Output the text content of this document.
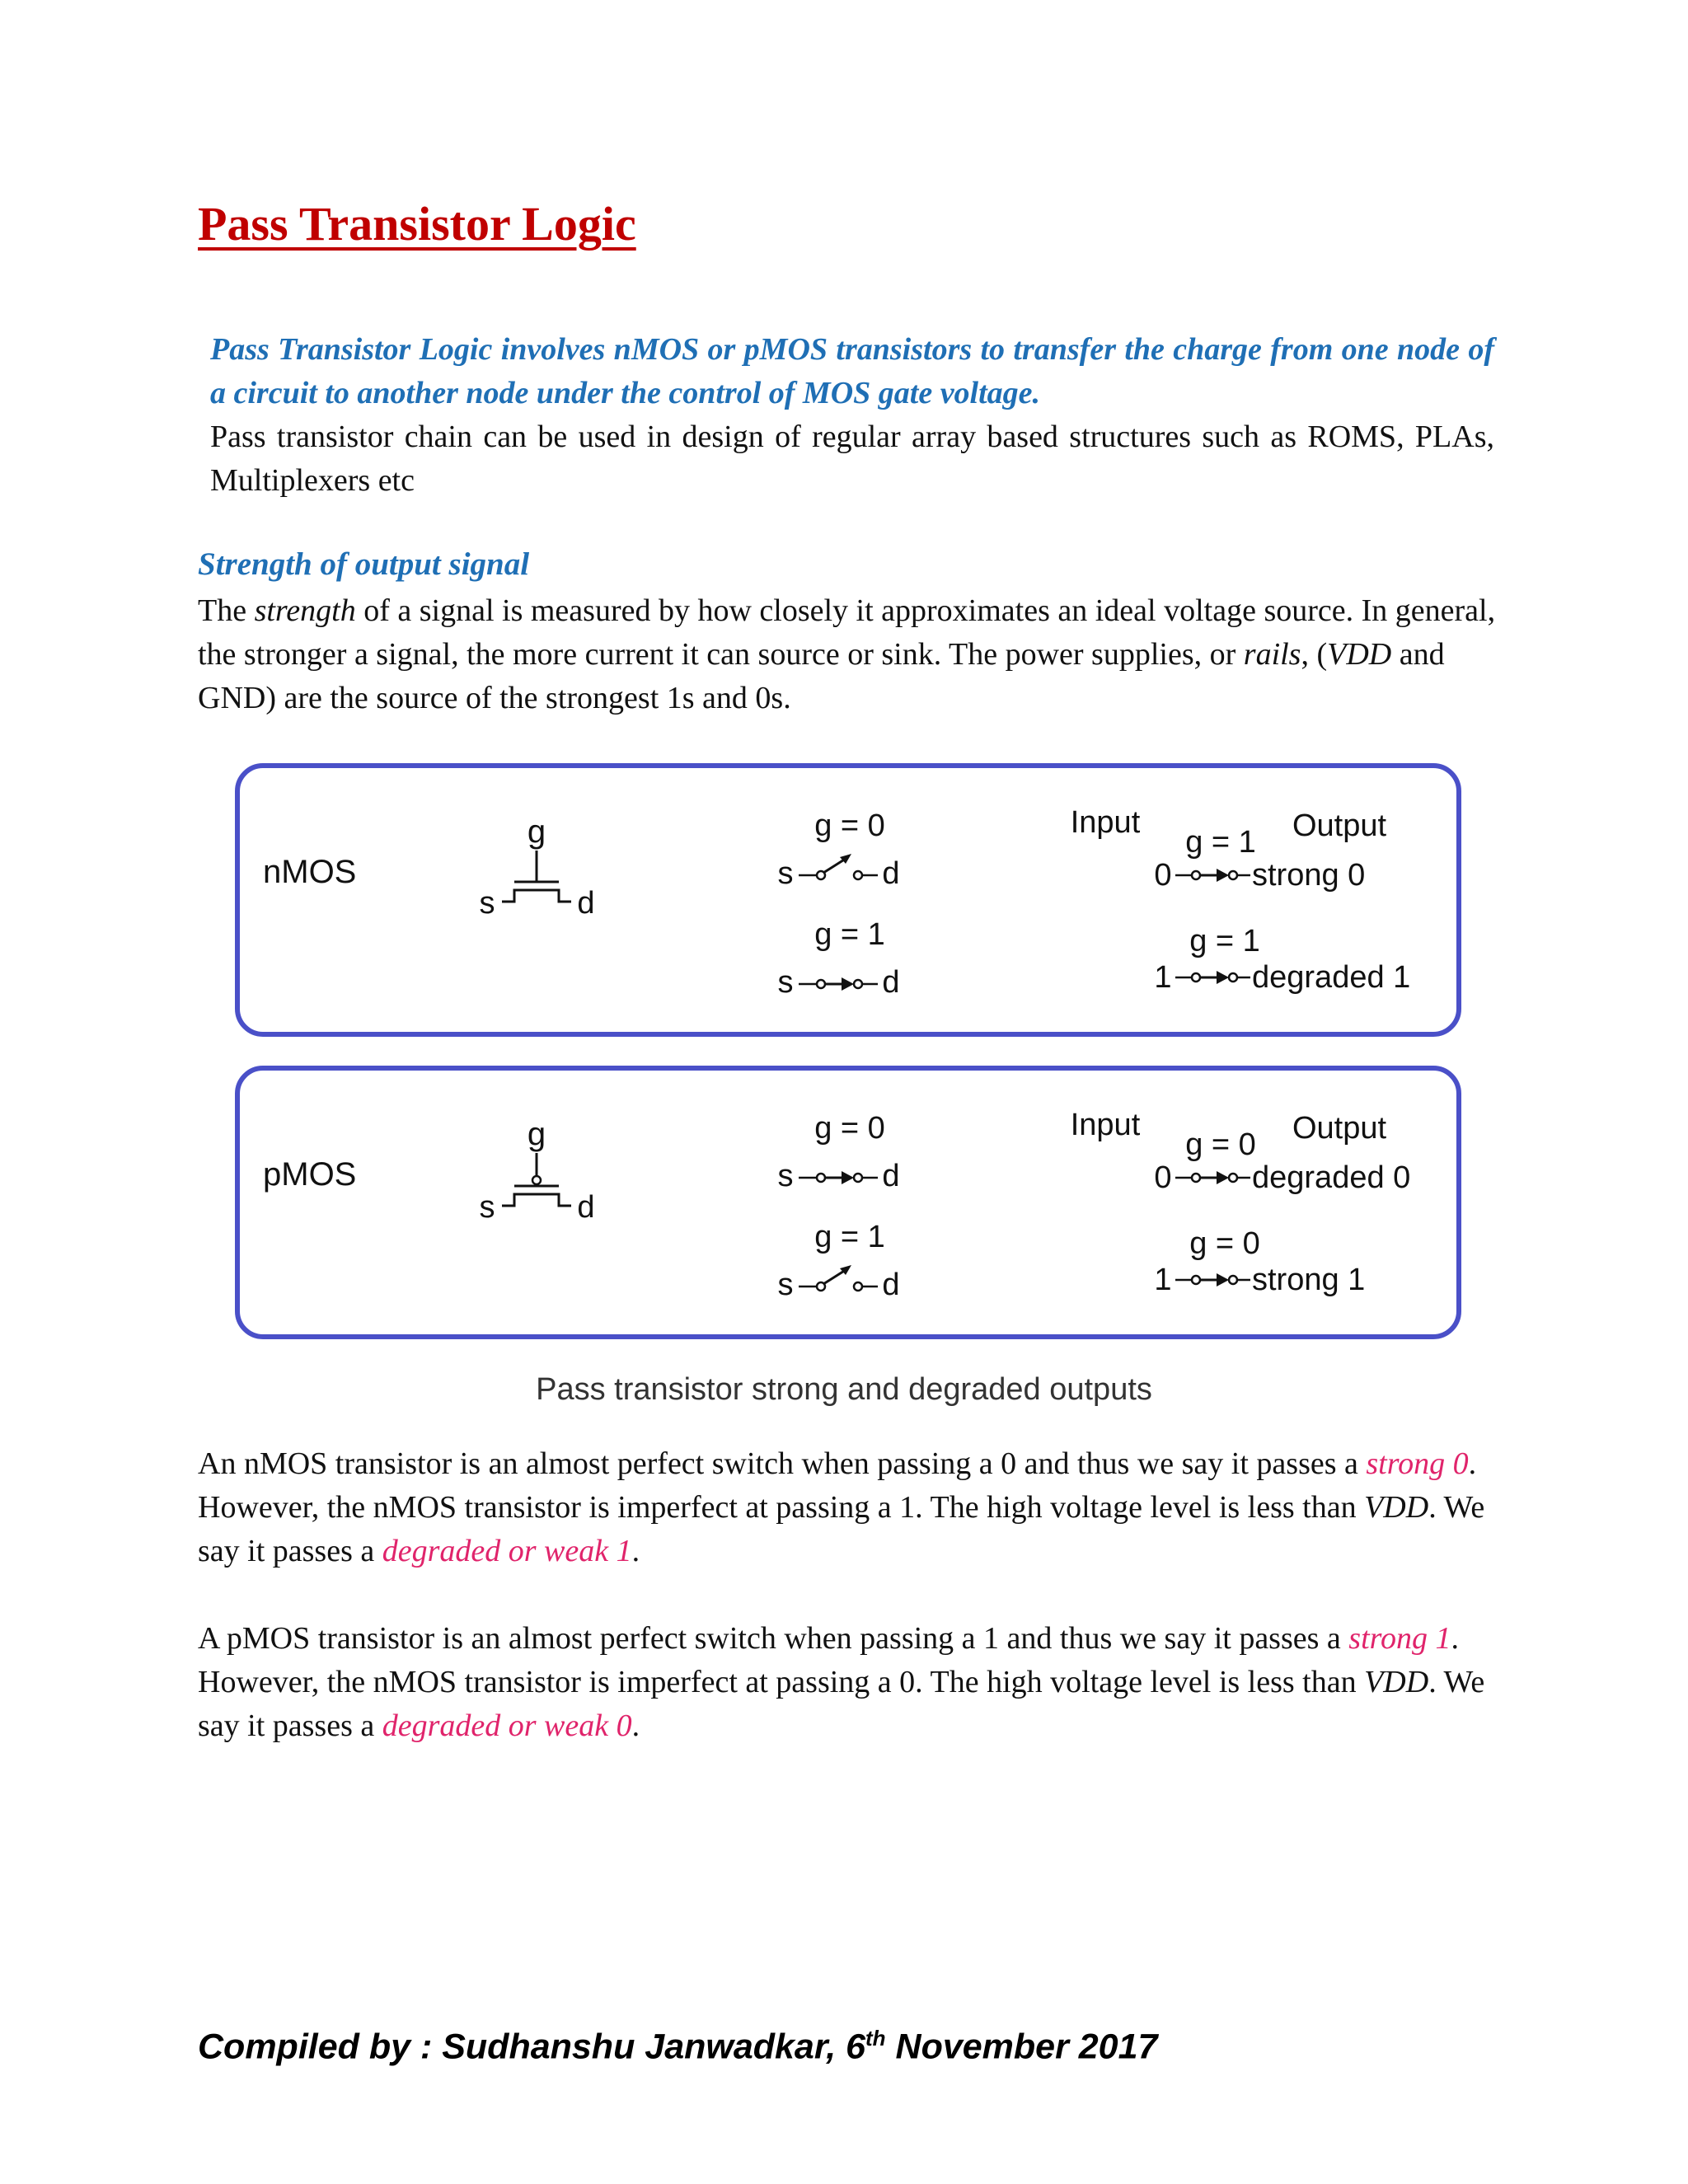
Pass Transistor Logic

Pass Transistor Logic involves nMOS or pMOS transistors to transfer the charge from one node of a circuit to another node under the control of MOS gate voltage.

Pass transistor chain can be used in design of regular array based structures such as ROMS, PLAs, Multiplexers etc

Strength of output signal

The strength of a signal is measured by how closely it approximates an ideal voltage source. In general, the stronger a signal, the more current it can source or sink. The power supplies, or rails, (VDD and GND) are the source of the strongest 1s and 0s.

nMOS
g
s	d
g = 0
s	d
g = 1
s	d
Input	Output
g = 1
0	strong 0
g = 1
1	degraded 1
pMOS
g
s	d
g = 0
s	d
g = 1
s	d
Input	Output
g = 0
0	degraded 0
g = 0
1	strong 1
Pass transistor strong and degraded outputs

An nMOS transistor is an almost perfect switch when passing a 0 and thus we say it passes a strong 0. However, the nMOS transistor is imperfect at passing a 1. The high voltage level is less than VDD. We say it passes a degraded or weak 1.

A pMOS transistor is an almost perfect switch when passing a 1 and thus we say it passes a strong 1. However, the nMOS transistor is imperfect at passing a 0. The high voltage level is less than VDD. We say it passes a degraded or weak 0.

Compiled by : Sudhanshu Janwadkar, 6th November 2017
